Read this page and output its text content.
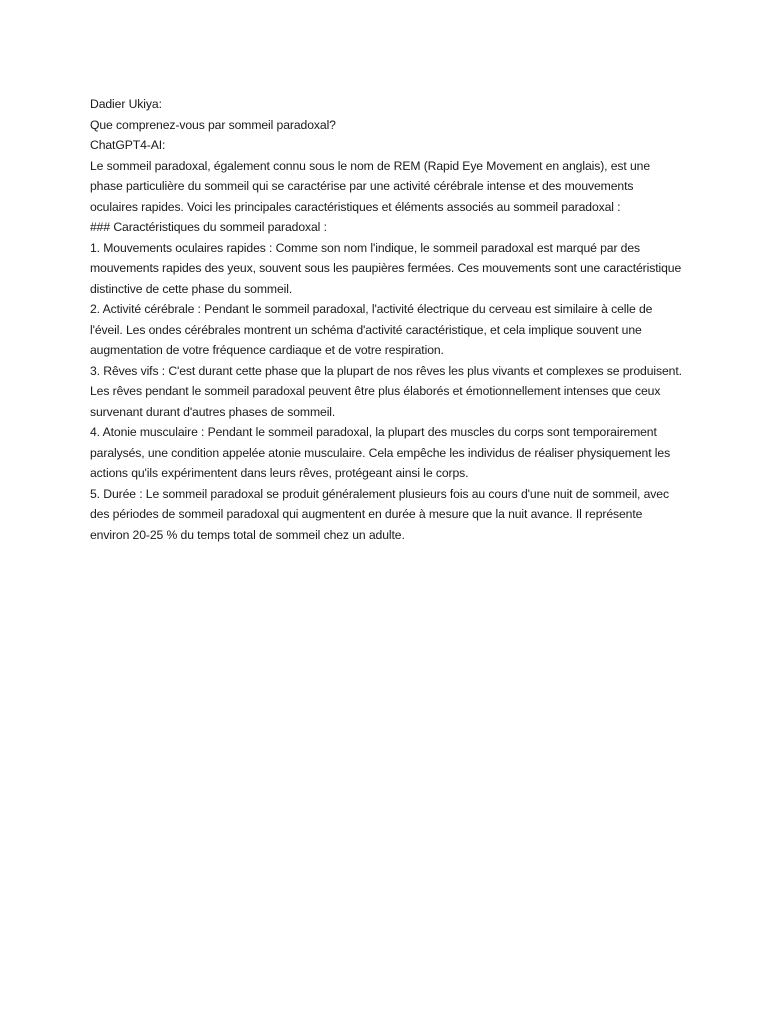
Dadier Ukiya:

Que comprenez-vous par sommeil paradoxal?

ChatGPT4-AI:

Le sommeil paradoxal, également connu sous le nom de REM (Rapid Eye Movement en anglais), est une phase particulière du sommeil qui se caractérise par une activité cérébrale intense et des mouvements oculaires rapides. Voici les principales caractéristiques et éléments associés au sommeil paradoxal :

### Caractéristiques du sommeil paradoxal :

1. Mouvements oculaires rapides : Comme son nom l'indique, le sommeil paradoxal est marqué par des mouvements rapides des yeux, souvent sous les paupières fermées. Ces mouvements sont une caractéristique distinctive de cette phase du sommeil.

2. Activité cérébrale : Pendant le sommeil paradoxal, l'activité électrique du cerveau est similaire à celle de l'éveil. Les ondes cérébrales montrent un schéma d'activité caractéristique, et cela implique souvent une augmentation de votre fréquence cardiaque et de votre respiration.

3. Rêves vifs : C'est durant cette phase que la plupart de nos rêves les plus vivants et complexes se produisent. Les rêves pendant le sommeil paradoxal peuvent être plus élaborés et émotionnellement intenses que ceux survenant durant d'autres phases de sommeil.

4. Atonie musculaire : Pendant le sommeil paradoxal, la plupart des muscles du corps sont temporairement paralysés, une condition appelée atonie musculaire. Cela empêche les individus de réaliser physiquement les actions qu'ils expérimentent dans leurs rêves, protégeant ainsi le corps.

5. Durée : Le sommeil paradoxal se produit généralement plusieurs fois au cours d'une nuit de sommeil, avec des périodes de sommeil paradoxal qui augmentent en durée à mesure que la nuit avance. Il représente environ 20-25 % du temps total de sommeil chez un adulte.
